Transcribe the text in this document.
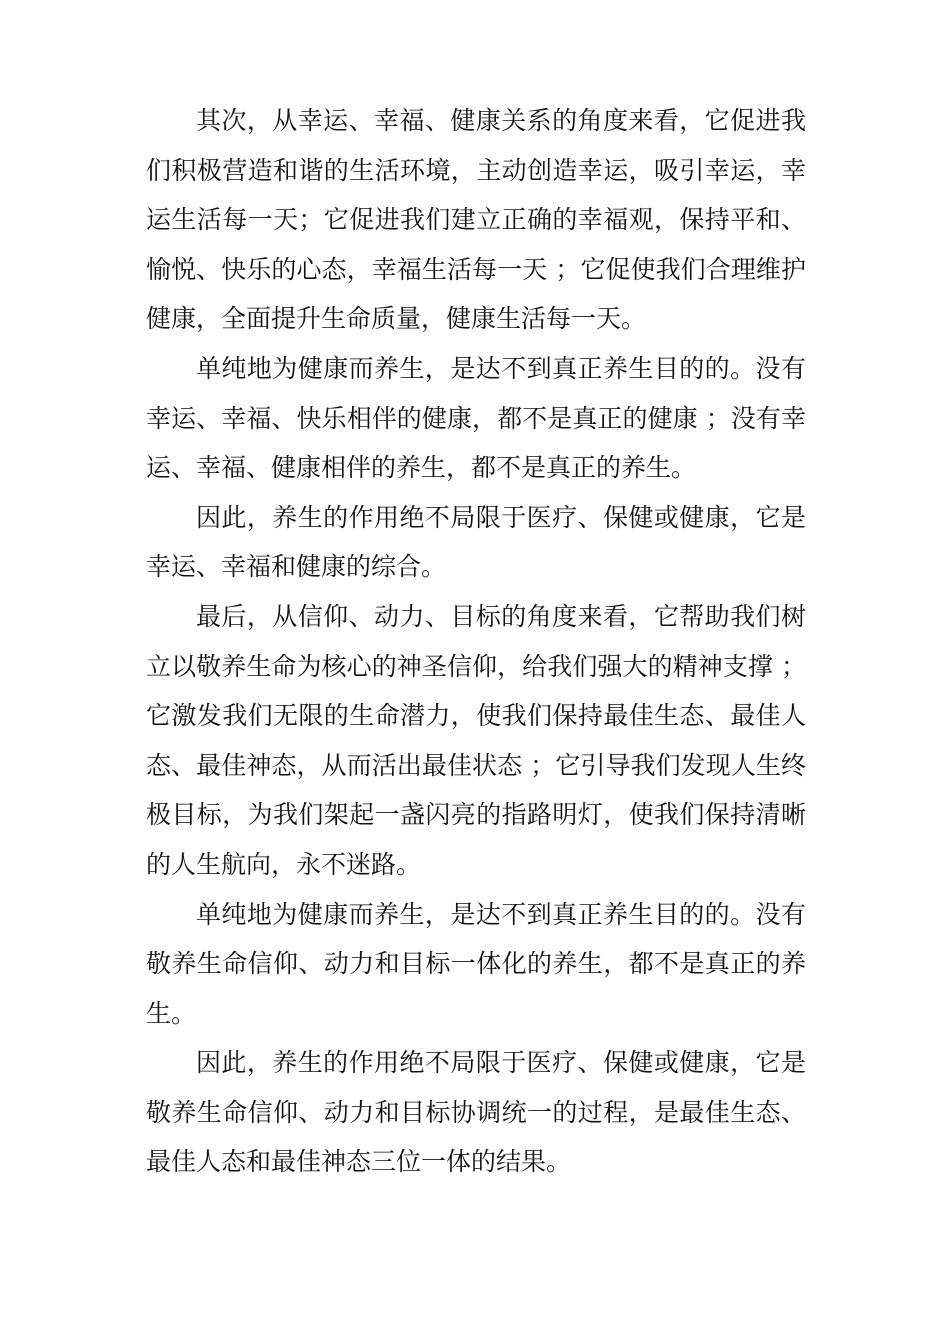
其次，从幸运、幸福、健康关系的角度来看，它促进我们积极营造和谐的生活环境，主动创造幸运，吸引幸运，幸运生活每一天；它促进我们建立正确的幸福观，保持平和、愉悦、快乐的心态，幸福生活每一天 ；它促使我们合理维护健康，全面提升生命质量，健康生活每一天。

单纯地为健康而养生，是达不到真正养生目的的。没有幸运、幸福、快乐相伴的健康，都不是真正的健康 ；没有幸运、幸福、健康相伴的养生，都不是真正的养生。

因此，养生的作用绝不局限于医疗、保健或健康，它是幸运、幸福和健康的综合。

最后，从信仰、动力、目标的角度来看，它帮助我们树立以敬养生命为核心的神圣信仰，给我们强大的精神支撑 ；它激发我们无限的生命潜力，使我们保持最佳生态、最佳人态、最佳神态，从而活出最佳状态 ；它引导我们发现人生终极目标，为我们架起一盏闪亮的指路明灯，使我们保持清晰的人生航向，永不迷路。

单纯地为健康而养生，是达不到真正养生目的的。没有敬养生命信仰、动力和目标一体化的养生，都不是真正的养生。

因此，养生的作用绝不局限于医疗、保健或健康，它是敬养生命信仰、动力和目标协调统一的过程，是最佳生态、最佳人态和最佳神态三位一体的结果。
